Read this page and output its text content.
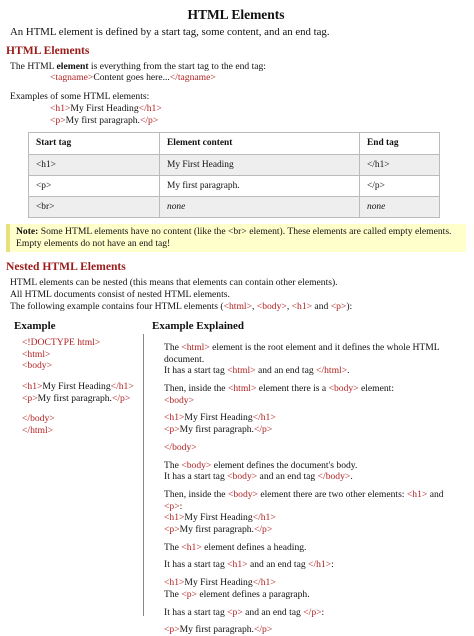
HTML Elements
An HTML element is defined by a start tag, some content, and an end tag.
HTML Elements
The HTML element is everything from the start tag to the end tag:
<tagname>Content goes here...</tagname>
Examples of some HTML elements:
<h1>My First Heading</h1>
<p>My first paragraph.</p>
Start tag	Element content	End tag
<h1>	My First Heading	</h1>
<p>	My first paragraph.	</p>
<br>	none	none
Note: Some HTML elements have no content (like the <br> element). These elements are called empty elements. Empty elements do not have an end tag!
Nested HTML Elements
HTML elements can be nested (this means that elements can contain other elements).
All HTML documents consist of nested HTML elements.
The following example contains four HTML elements (<html>, <body>, <h1> and <p>):
Example
<!DOCTYPE html>
<html>
<body>
<h1>My First Heading</h1>
<p>My first paragraph.</p>
</body>
</html>
Example Explained
The <html> element is the root element and it defines the whole HTML document.
It has a start tag <html> and an end tag </html>.
Then, inside the <html> element there is a <body> element:
<body>
<h1>My First Heading</h1>
<p>My first paragraph.</p>
</body>
The <body> element defines the document's body.
It has a start tag <body> and an end tag </body>.
Then, inside the <body> element there are two other elements: <h1> and <p>:
<h1>My First Heading</h1>
<p>My first paragraph.</p>
The <h1> element defines a heading.
It has a start tag <h1> and an end tag </h1>:
<h1>My First Heading</h1>
The <p> element defines a paragraph.
It has a start tag <p> and an end tag </p>:
<p>My first paragraph.</p>
